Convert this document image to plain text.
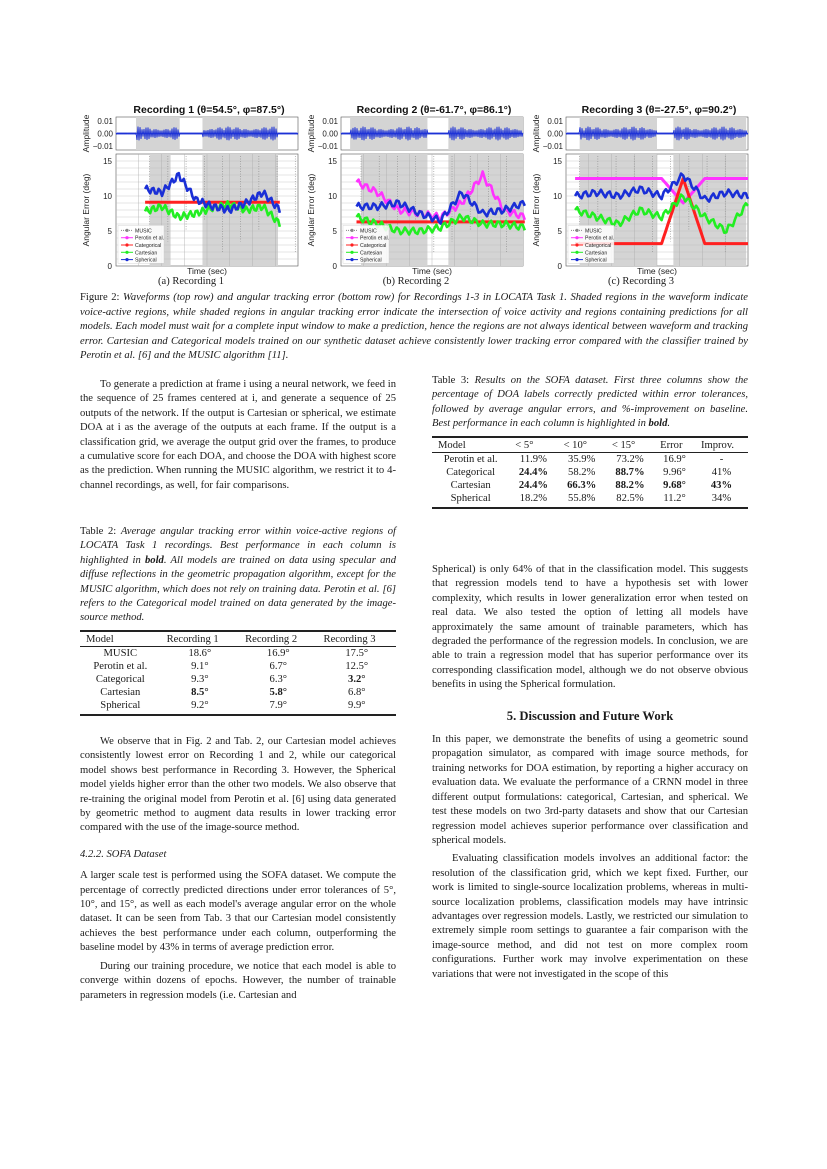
Recording 1 (θ=54.5°, φ=87.5°)
0.01
0.00
−0.01
Amplitude
15
10
5
0
Angular Error (deg)
Time (sec)
MUSIC
Perotin et al.
Categorical
Cartesian
Spherical
(a) Recording 1
Recording 2 (θ=-61.7°, φ=86.1°)
0.01
0.00
−0.01
Amplitude
15
10
5
0
Angular Error (deg)
Time (sec)
MUSIC
Perotin et al.
Categorical
Cartesian
Spherical
(b) Recording 2
Recording 3 (θ=-27.5°, φ=90.2°)
0.01
0.00
−0.01
Amplitude
15
10
5
0
Angular Error (deg)
Time (sec)
MUSIC
Perotin et al.
Categorical
Cartesian
Spherical
(c) Recording 3
Figure 2: Waveforms (top row) and angular tracking error (bottom row) for Recordings 1-3 in LOCATA Task 1. Shaded regions in the waveform indicate voice-active regions, while shaded regions in angular tracking error indicate the intersection of voice activity and regions containing predictions for all models. Each model must wait for a complete input window to make a prediction, hence the regions are not always identical between waveform and tracking error. Cartesian and Categorical models trained on our synthetic dataset achieve consistently lower tracking error compared with the classifier trained by Perotin et al. [6] and the MUSIC algorithm [11].

To generate a prediction at frame i using a neural network, we feed in the sequence of 25 frames centered at i, and generate a sequence of 25 outputs of the network. If the output is Cartesian or spherical, we estimate DOA at i as the average of the outputs at each frame. If the output is a classification grid, we average the output grid over the frames, to produce a cumulative score for each DOA, and choose the DOA with highest score as the prediction. When running the MUSIC algorithm, we restrict it to 4-channel recordings, as well, for fair comparisons.

Table 2: Average angular tracking error within voice-active regions of LOCATA Task 1 recordings. Best performance in each column is highlighted in bold. All models are trained on data using specular and diffuse reflections in the geometric propagation algorithm, except for the MUSIC algorithm, which does not rely on training data. Perotin et al. [6] refers to the Categorical model trained on data generated by the image-source method.
Model	Recording 1	Recording 2	Recording 3
MUSIC	18.6°	16.9°	17.5°
Perotin et al.	9.1°	6.7°	12.5°
Categorical	9.3°	6.3°	3.2°
Cartesian	8.5°	5.8°	6.8°
Spherical	9.2°	7.9°	9.9°

We observe that in Fig. 2 and Tab. 2, our Cartesian model achieves consistently lowest error on Recording 1 and 2, while our categorical model shows best performance in Recording 3. However, the Spherical model yields higher error than the other two models. We also observe that re-training the original model from Perotin et al. [6] using data generated by geometric method to augment data results in lower tracking error compared with the use of the image-source method.

4.2.2. SOFA Dataset

A larger scale test is performed using the SOFA dataset. We compute the percentage of correctly predicted directions under error tolerances of 5°, 10°, and 15°, as well as each model's average angular error on the whole dataset. It can be seen from Tab. 3 that our Cartesian model consistently achieves the best performance under each column, outperforming the baseline model by 43% in terms of average prediction error.

During our training procedure, we notice that each model is able to converge within dozens of epochs. However, the number of trainable parameters in regression models (i.e. Cartesian and

Table 3: Results on the SOFA dataset. First three columns show the percentage of DOA labels correctly predicted within error tolerances, followed by average angular errors, and %-improvement on baseline. Best performance in each column is highlighted in bold.
Model	< 5°	< 10°	< 15°	Error	Improv.
Perotin et al.	11.9%	35.9%	73.2%	16.9°	-
Categorical	24.4%	58.2%	88.7%	9.96°	41%
Cartesian	24.4%	66.3%	88.2%	9.68°	43%
Spherical	18.2%	55.8%	82.5%	11.2°	34%

Spherical) is only 64% of that in the classification model. This suggests that regression models tend to have a hypothesis set with lower complexity, which results in lower generalization error when tested on real data. We also tested the option of letting all models have approximately the same amount of trainable parameters, which has degraded the performance of the regression models. In conclusion, we are able to train a regression model that has superior performance over its corresponding classification model, although we do not observe obvious benefits in using the Spherical formulation.

5. Discussion and Future Work

In this paper, we demonstrate the benefits of using a geometric sound propagation simulator, as compared with image source methods, for training networks for DOA estimation, by reporting a higher accuracy on evaluation data. We evaluate the performance of a CRNN model in three different output formulations: categorical, Cartesian, and spherical. We test these models on two 3rd-party datasets and show that our Cartesian regression model achieves superior performance over classification and spherical models.

Evaluating classification models involves an additional factor: the resolution of the classification grid, which we kept fixed. Further, our work is limited to single-source localization problems, whereas in multi-source localization problems, classification models may have intrinsic advantages over regression models. Lastly, we restricted our simulation to extremely simple room settings to guarantee a fair comparison with the image-source method, and did not test on more complex room configurations. Further work may involve experimentation on these variations that were not investigated in the scope of this
